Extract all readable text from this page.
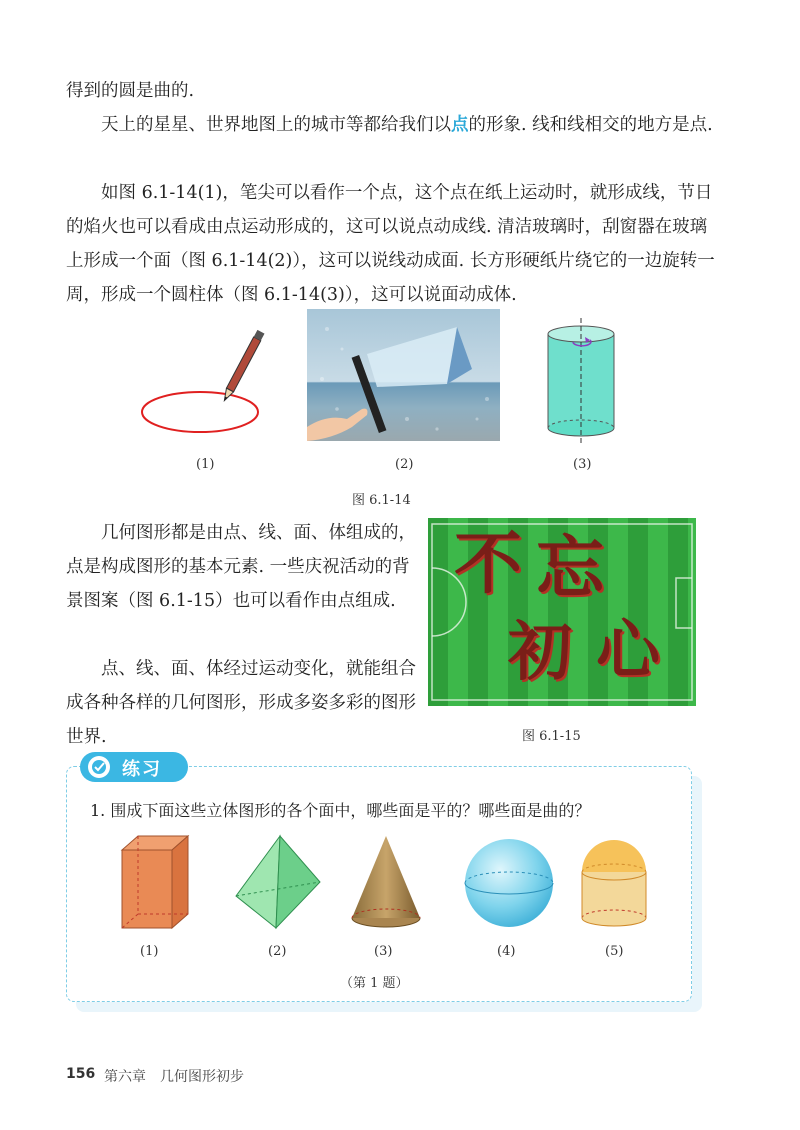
得到的圆是曲的.

天上的星星、世界地图上的城市等都给我们以点的形象. 线和线相交的地方是点.

如图 6.1-14(1)，笔尖可以看作一个点，这个点在纸上运动时，就形成线，节日的焰火也可以看成由点运动形成的，这可以说点动成线. 清洁玻璃时，刮窗器在玻璃上形成一个面（图 6.1-14(2)），这可以说线动成面. 长方形硬纸片绕它的一边旋转一周，形成一个圆柱体（图 6.1-14(3)），这可以说面动成体.

(1)	(2)	(3)
图 6.1-14

几何图形都是由点、线、面、体组成的，点是构成图形的基本元素. 一些庆祝活动的背景图案（图 6.1-15）也可以看作由点组成.

点、线、面、体经过运动变化，就能组合成各种各样的几何图形，形成多姿多彩的图形世界.

不 忘
初 心
图 6.1-15
练习

1. 围成下面这些立体图形的各个面中，哪些面是平的？哪些面是曲的？

(1)	(2)	(3)	(4)	(5)
（第 1 题）
156 第六章　几何图形初步
